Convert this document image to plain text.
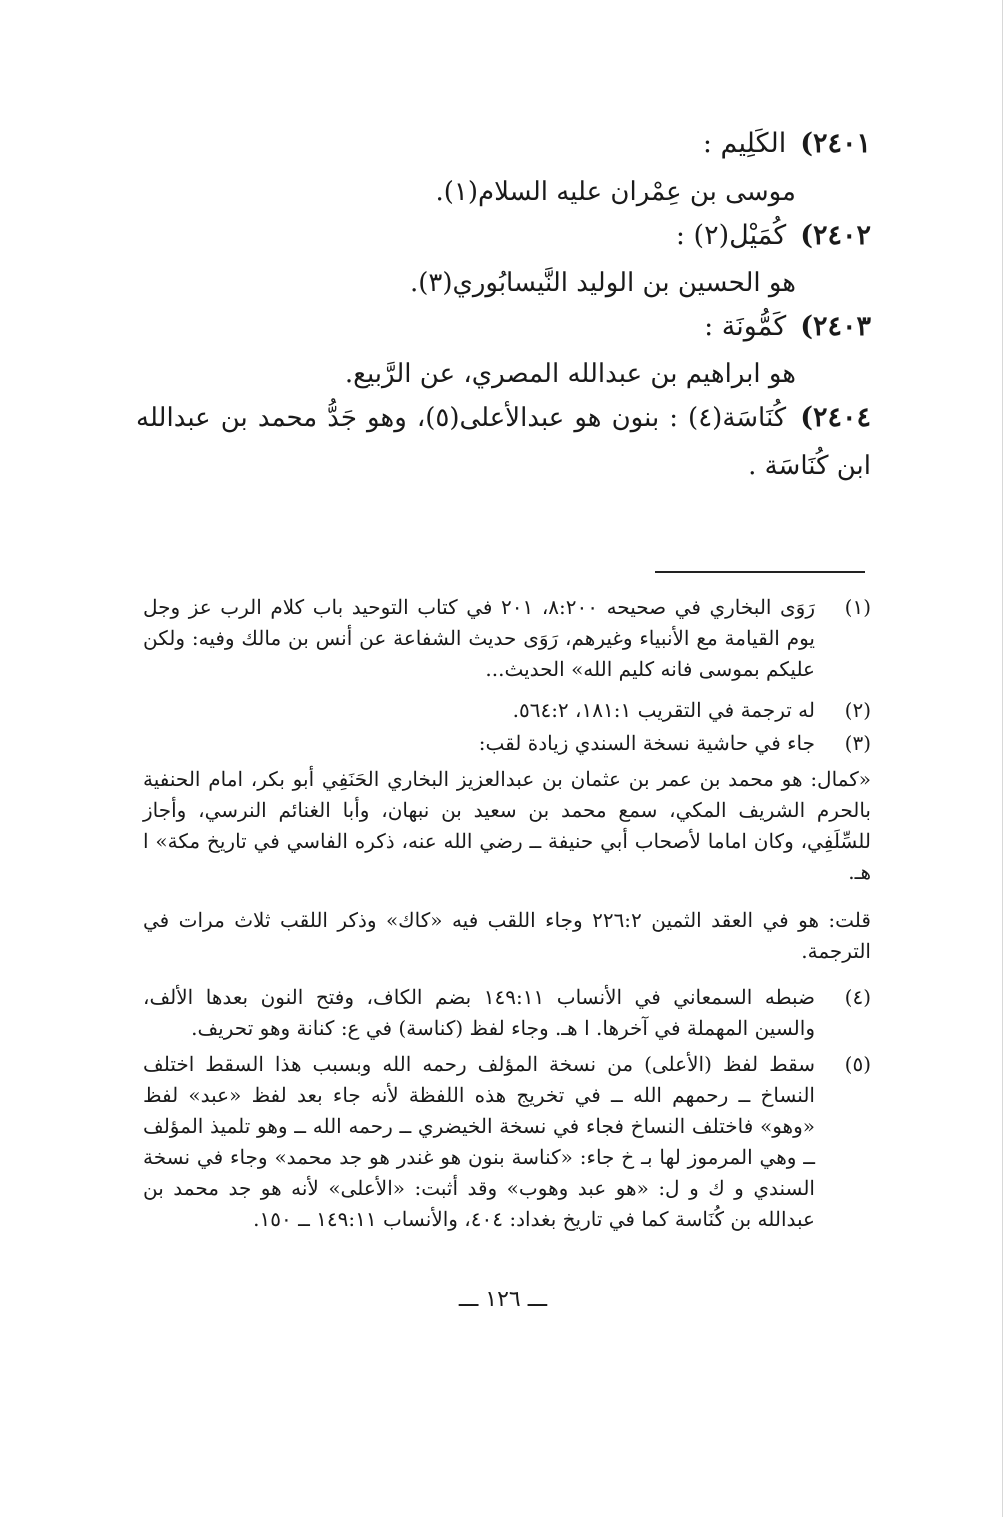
٢٤٠١)الكَلِيم :
موسى بن عِمْران عليه السلام(١).
٢٤٠٢)كُمَيْل(٢) :
هو الحسين بن الوليد النَّيسابُوري(٣).
٢٤٠٣)كَمُّونَة :
هو ابراهيم بن عبدالله المصري، عن الرَّبيع.
٢٤٠٤)كُنَاسَة(٤) : بنون هو عبدالأعلى(٥)، وهو جَدُّ محمد بن عبدالله ابن كُنَاسَة .
(١)
رَوَى البخاري في صحيحه ٨:٢٠٠، ٢٠١ في كتاب التوحيد باب كلام الرب عز وجل يوم القيامة مع الأنبياء وغيرهم، رَوَى حديث الشفاعة عن أنس بن مالك وفيه: ولكن عليكم بموسى فانه كليم الله» الحديث...
(٢)
له ترجمة في التقريب ١٨١:١، ٥٦٤:٢.
(٣)
جاء في حاشية نسخة السندي زيادة لقب:
«كمال: هو محمد بن عمر بن عثمان بن عبدالعزيز البخاري الحَنَفِي أبو بكر، امام الحنفية بالحرم الشريف المكي، سمع محمد بن سعيد بن نبهان، وأبا الغنائم النرسي، وأجاز للسِّلَفِي، وكان اماما لأصحاب أبي حنيفة ــ رضي الله عنه، ذكره الفاسي في تاريخ مكة» ا هـ.
قلت: هو في العقد الثمين ٢٢٦:٢ وجاء اللقب فيه «كاك» وذكر اللقب ثلاث مرات في الترجمة.
(٤)
ضبطه السمعاني في الأنساب ١٤٩:١١ بضم الكاف، وفتح النون بعدها الألف، والسين المهملة في آخرها. ا هـ. وجاء لفظ (كناسة) في ع: كنانة وهو تحريف.
(٥)
سقط لفظ (الأعلى) من نسخة المؤلف رحمه الله وبسبب هذا السقط اختلف النساخ ــ رحمهم الله ــ في تخريج هذه اللفظة لأنه جاء بعد لفظ «عبد» لفظ «وهو» فاختلف النساخ فجاء في نسخة الخيضري ــ رحمه الله ــ وهو تلميذ المؤلف ــ وهي المرموز لها بـ خ جاء: «كناسة بنون هو غندر هو جد محمد» وجاء في نسخة السندي و ك و ل: «هو عبد وهوب» وقد أثبت: «الأعلى» لأنه هو جد محمد بن عبدالله بن كُنَاسة كما في تاريخ بغداد: ٤٠٤، والأنساب ١٤٩:١١ ــ ١٥٠.
ـــ ١٢٦ ـــ
